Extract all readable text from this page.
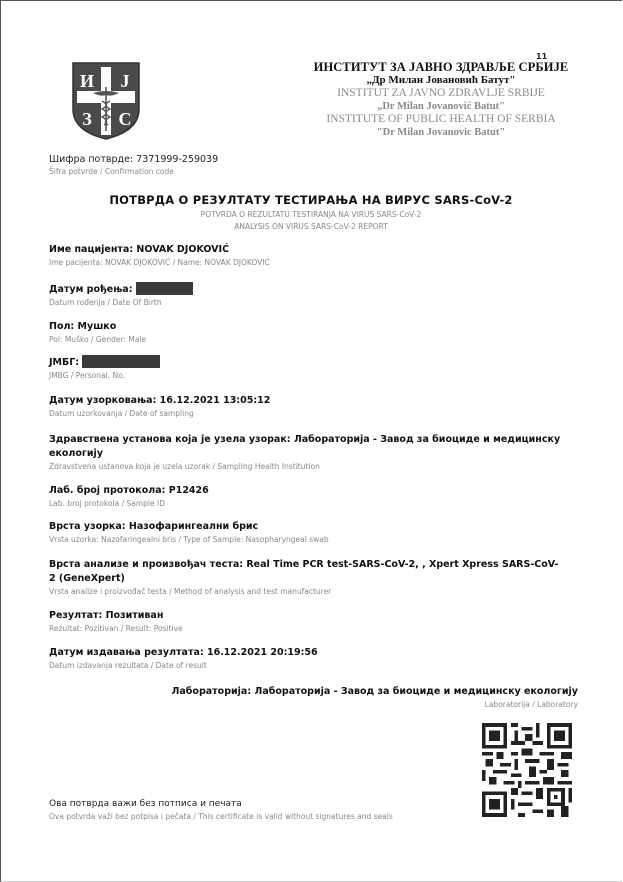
И Ј
З С
11
ИНСТИТУТ ЗА ЈАВНО ЗДРАВЉЕ СРБИЈЕ
„Др Милан Јовановић Батут"
INSTITUT ZA JAVNO ZDRAVLJE SRBIJE
„Dr Milan Jovanović Batut"
INSTITUTE OF PUBLIC HEALTH OF SERBIA
"Dr Milan Jovanovic Batut"
Шифра потврде: 7371999-259039
Šifra potvrde / Confirmation code
ПОТВРДА О РЕЗУЛТАТУ ТЕСТИРАЊА НА ВИРУС SARS-CoV-2
POTVRDA O REZULTATU TESTIRANJA NA VIRUS SARS-CoV-2
ANALYSIS ON VIRUS SARS-CoV-2 REPORT
Име пацијента: NOVAK DJOKOVIĆ
Ime pacijenta: NOVAK DJOKOVIĆ / Name: NOVAK DJOKOVIĆ
Датум рођења:
Datum rođenja / Date Of Birth
Пол: Мушко
Pol: Muško / Gender: Male
ЈМБГ:
JMBG / Personal. No.
Датум узорковања: 16.12.2021 13:05:12
Datum uzorkovanja / Date of sampling
Здравствена установа која је узела узорак: Лабораторија - Завод за биоциде и медицинску екологију
Zdravstvena ustanova koja je uzela uzorak / Sampling Health Institution
Лаб. број протокола: P12426
Lab. broj protokola / Sample ID
Врста узорка: Назофарингеални брис
Vrsta uzorka: Nazofaringealni bris / Type of Sample: Nasopharyngeal swab
Врста анализе и произвођач теста: Real Time PCR test-SARS-CoV-2, , Xpert Xpress SARS-CoV-2 (GeneXpert)
Vrsta analize i proizvođač testa / Method of analysis and test manufacturer
Резултат: Позитиван
Rezultat: Pozitivan / Result: Positive
Датум издавања резултата: 16.12.2021 20:19:56
Datum izdavanja rezultata / Date of result
Лабораторија: Лабораторија - Завод за биоциде и медицинску екологију
Laboratorija / Laboratory
Ова потврда важи без потписа и печата
Ova potvrda važi bez potpisa i pečata / This certificate is valid without signatures and seals
